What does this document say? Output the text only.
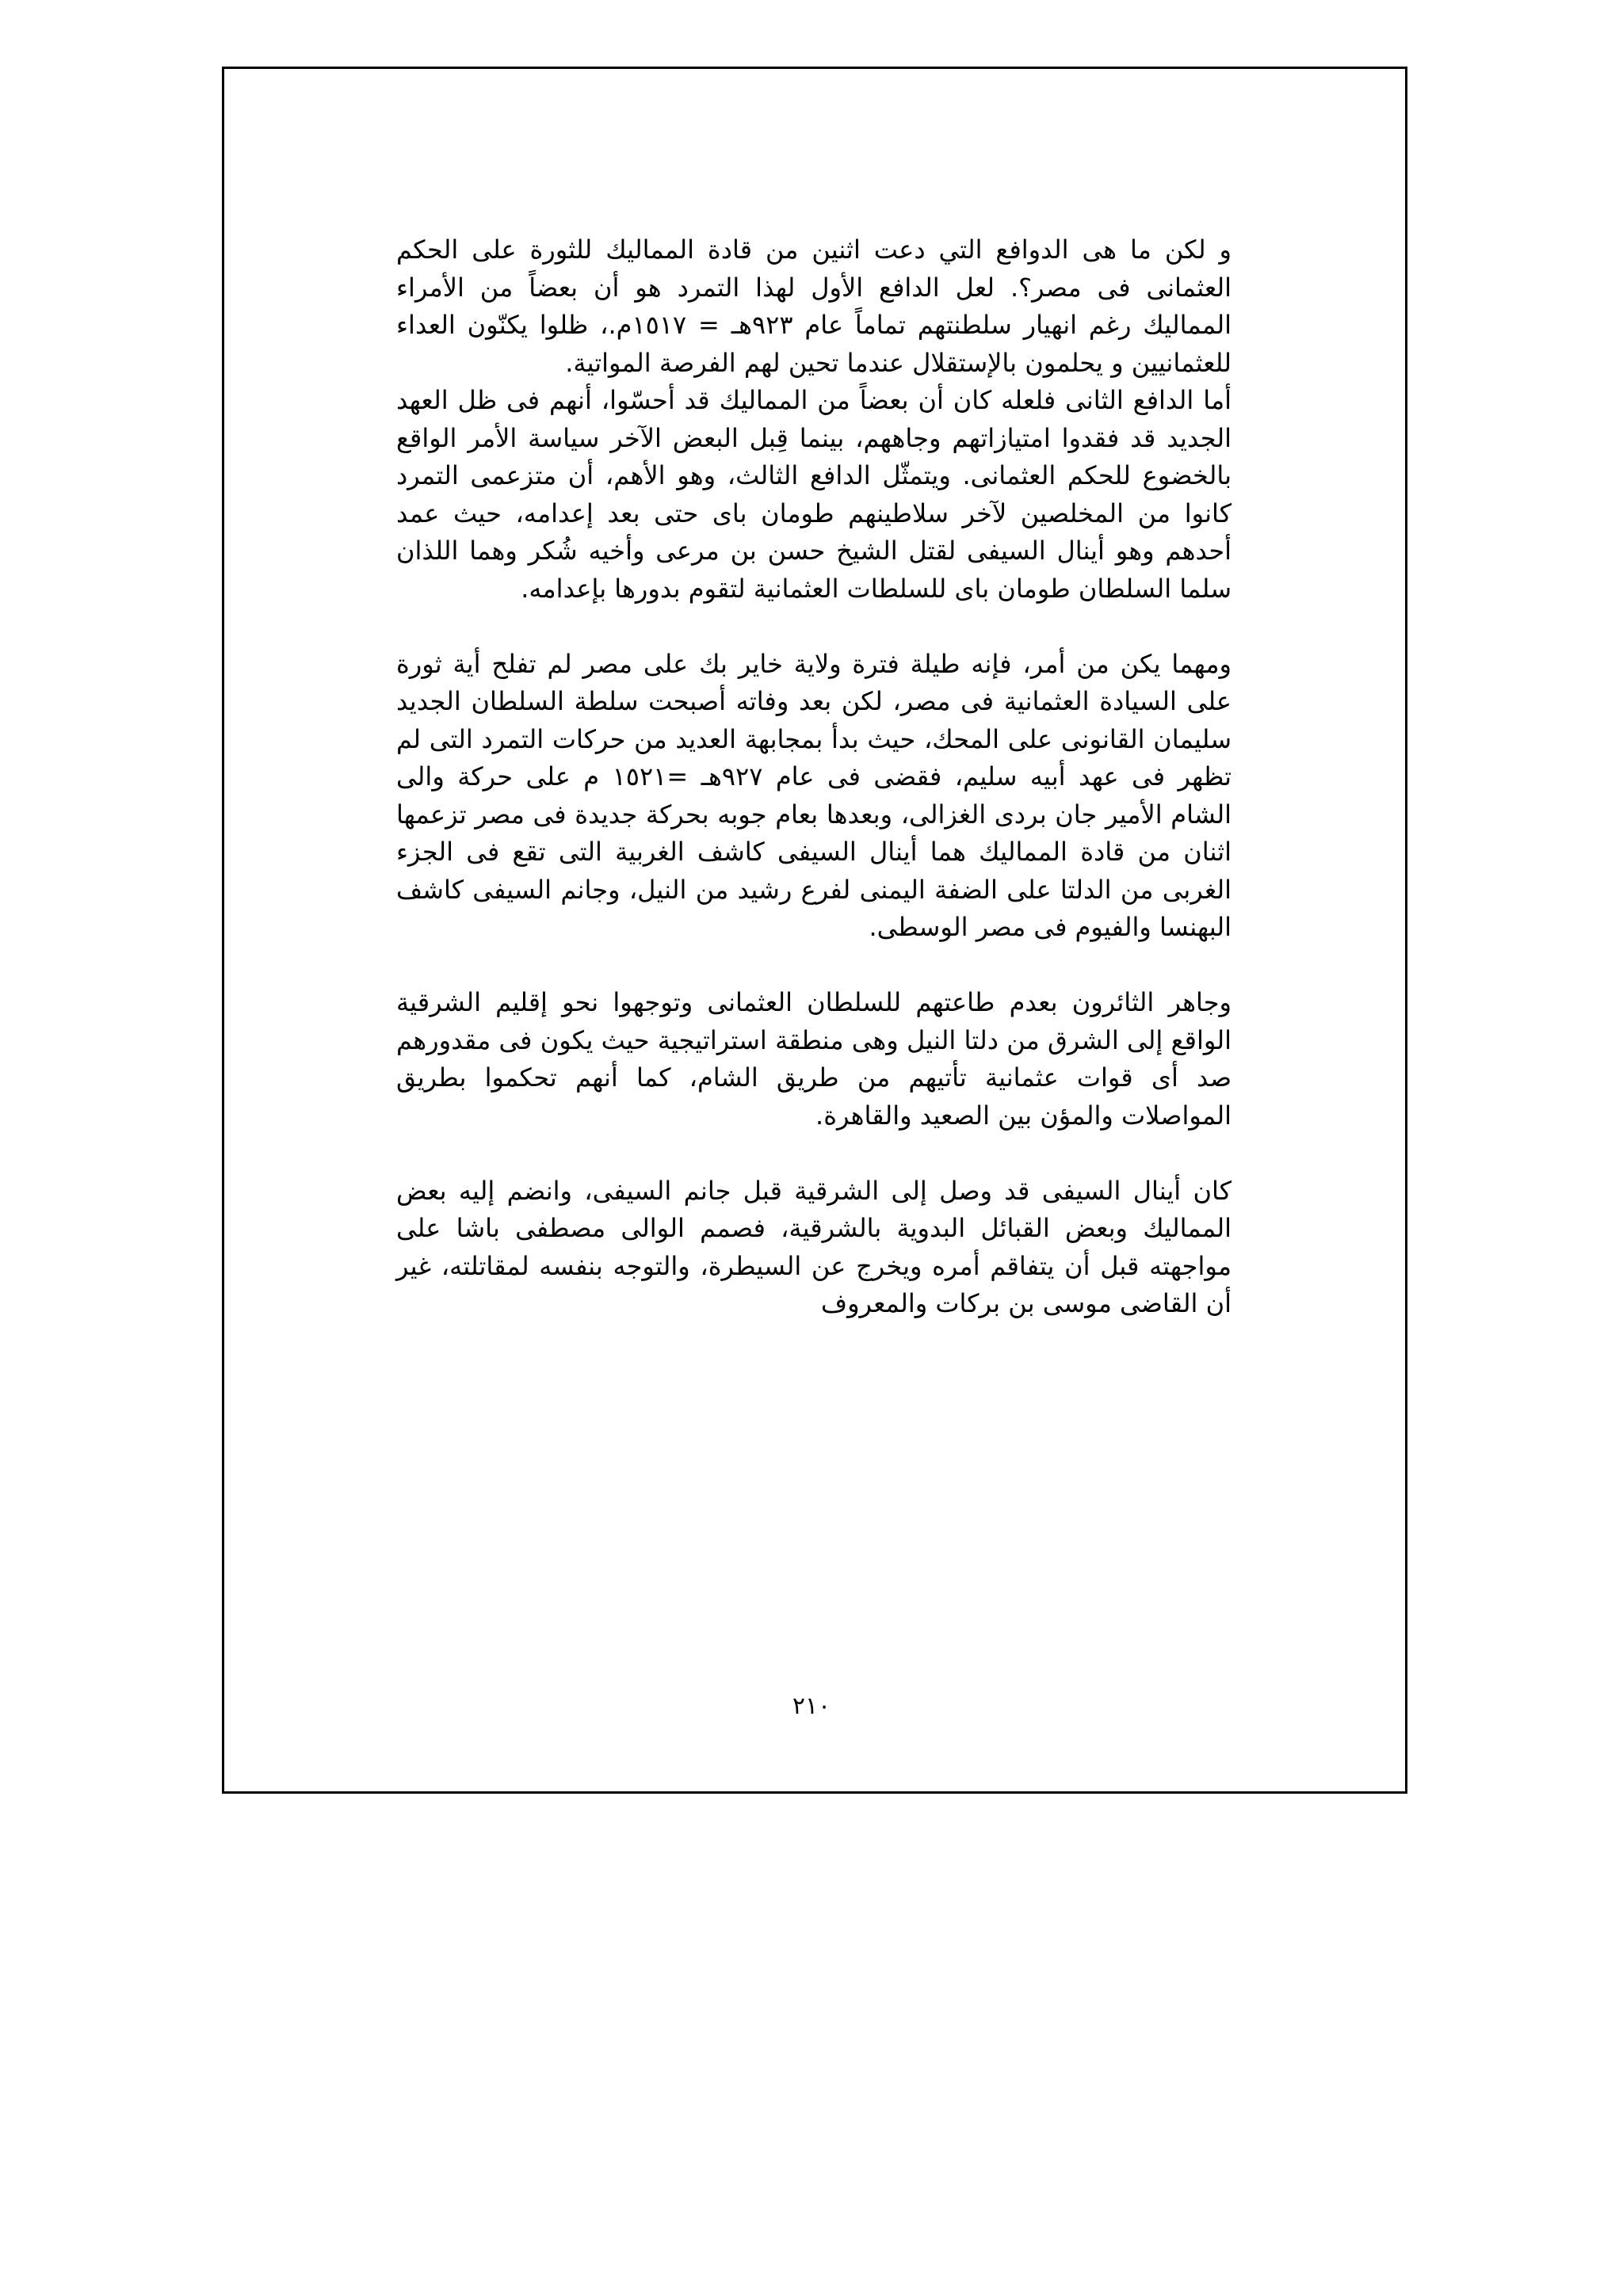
و لكن ما هى الدوافع التي دعت اثنين من قادة المماليك للثورة على الحكم العثمانى فى مصر؟. لعل الدافع الأول لهذا التمرد هو أن بعضاً من الأمراء المماليك رغم انهيار سلطنتهم تماماً عام ٩٢٣هـ = ١٥١٧م.، ظلوا يكنّون العداء للعثمانيين و يحلمون بالإستقلال عندما تحين لهم الفرصة المواتية.

أما الدافع الثانى فلعله كان أن بعضاً من المماليك قد أحسّوا، أنهم فى ظل العهد الجديد قد فقدوا امتيازاتهم وجاههم، بينما قِبل البعض الآخر سياسة الأمر الواقع بالخضوع للحكم العثمانى. ويتمثّل الدافع الثالث، وهو الأهم، أن متزعمى التمرد كانوا من المخلصين لآخر سلاطينهم طومان باى حتى بعد إعدامه، حيث عمد أحدهم وهو أينال السيفى لقتل الشيخ حسن بن مرعى وأخيه شُكر وهما اللذان سلما السلطان طومان باى للسلطات العثمانية لتقوم بدورها بإعدامه.

ومهما يكن من أمر، فإنه طيلة فترة ولاية خاير بك على مصر لم تفلح أية ثورة على السيادة العثمانية فى مصر، لكن بعد وفاته أصبحت سلطة السلطان الجديد سليمان القانونى على المحك، حيث بدأ بمجابهة العديد من حركات التمرد التى لم تظهر فى عهد أبيه سليم، فقضى فى عام ٩٢٧هـ =١٥٢١ م على حركة والى الشام الأمير جان بردى الغزالى، وبعدها بعام جوبه بحركة جديدة فى مصر تزعمها اثنان من قادة المماليك هما أينال السيفى كاشف الغربية التى تقع فى الجزء الغربى من الدلتا على الضفة اليمنى لفرع رشيد من النيل، وجانم السيفى كاشف البهنسا والفيوم فى مصر الوسطى.

وجاهر الثائرون بعدم طاعتهم للسلطان العثمانى وتوجهوا نحو إقليم الشرقية الواقع إلى الشرق من دلتا النيل وهى منطقة استراتيجية حيث يكون فى مقدورهم صد أى قوات عثمانية تأتيهم من طريق الشام، كما أنهم تحكموا بطريق المواصلات والمؤن بين الصعيد والقاهرة.

كان أينال السيفى قد وصل إلى الشرقية قبل جانم السيفى، وانضم إليه بعض المماليك وبعض القبائل البدوية بالشرقية، فصمم الوالى مصطفى باشا على مواجهته قبل أن يتفاقم أمره ويخرج عن السيطرة، والتوجه بنفسه لمقاتلته، غير أن القاضى موسى بن بركات والمعروف

٢١٠
